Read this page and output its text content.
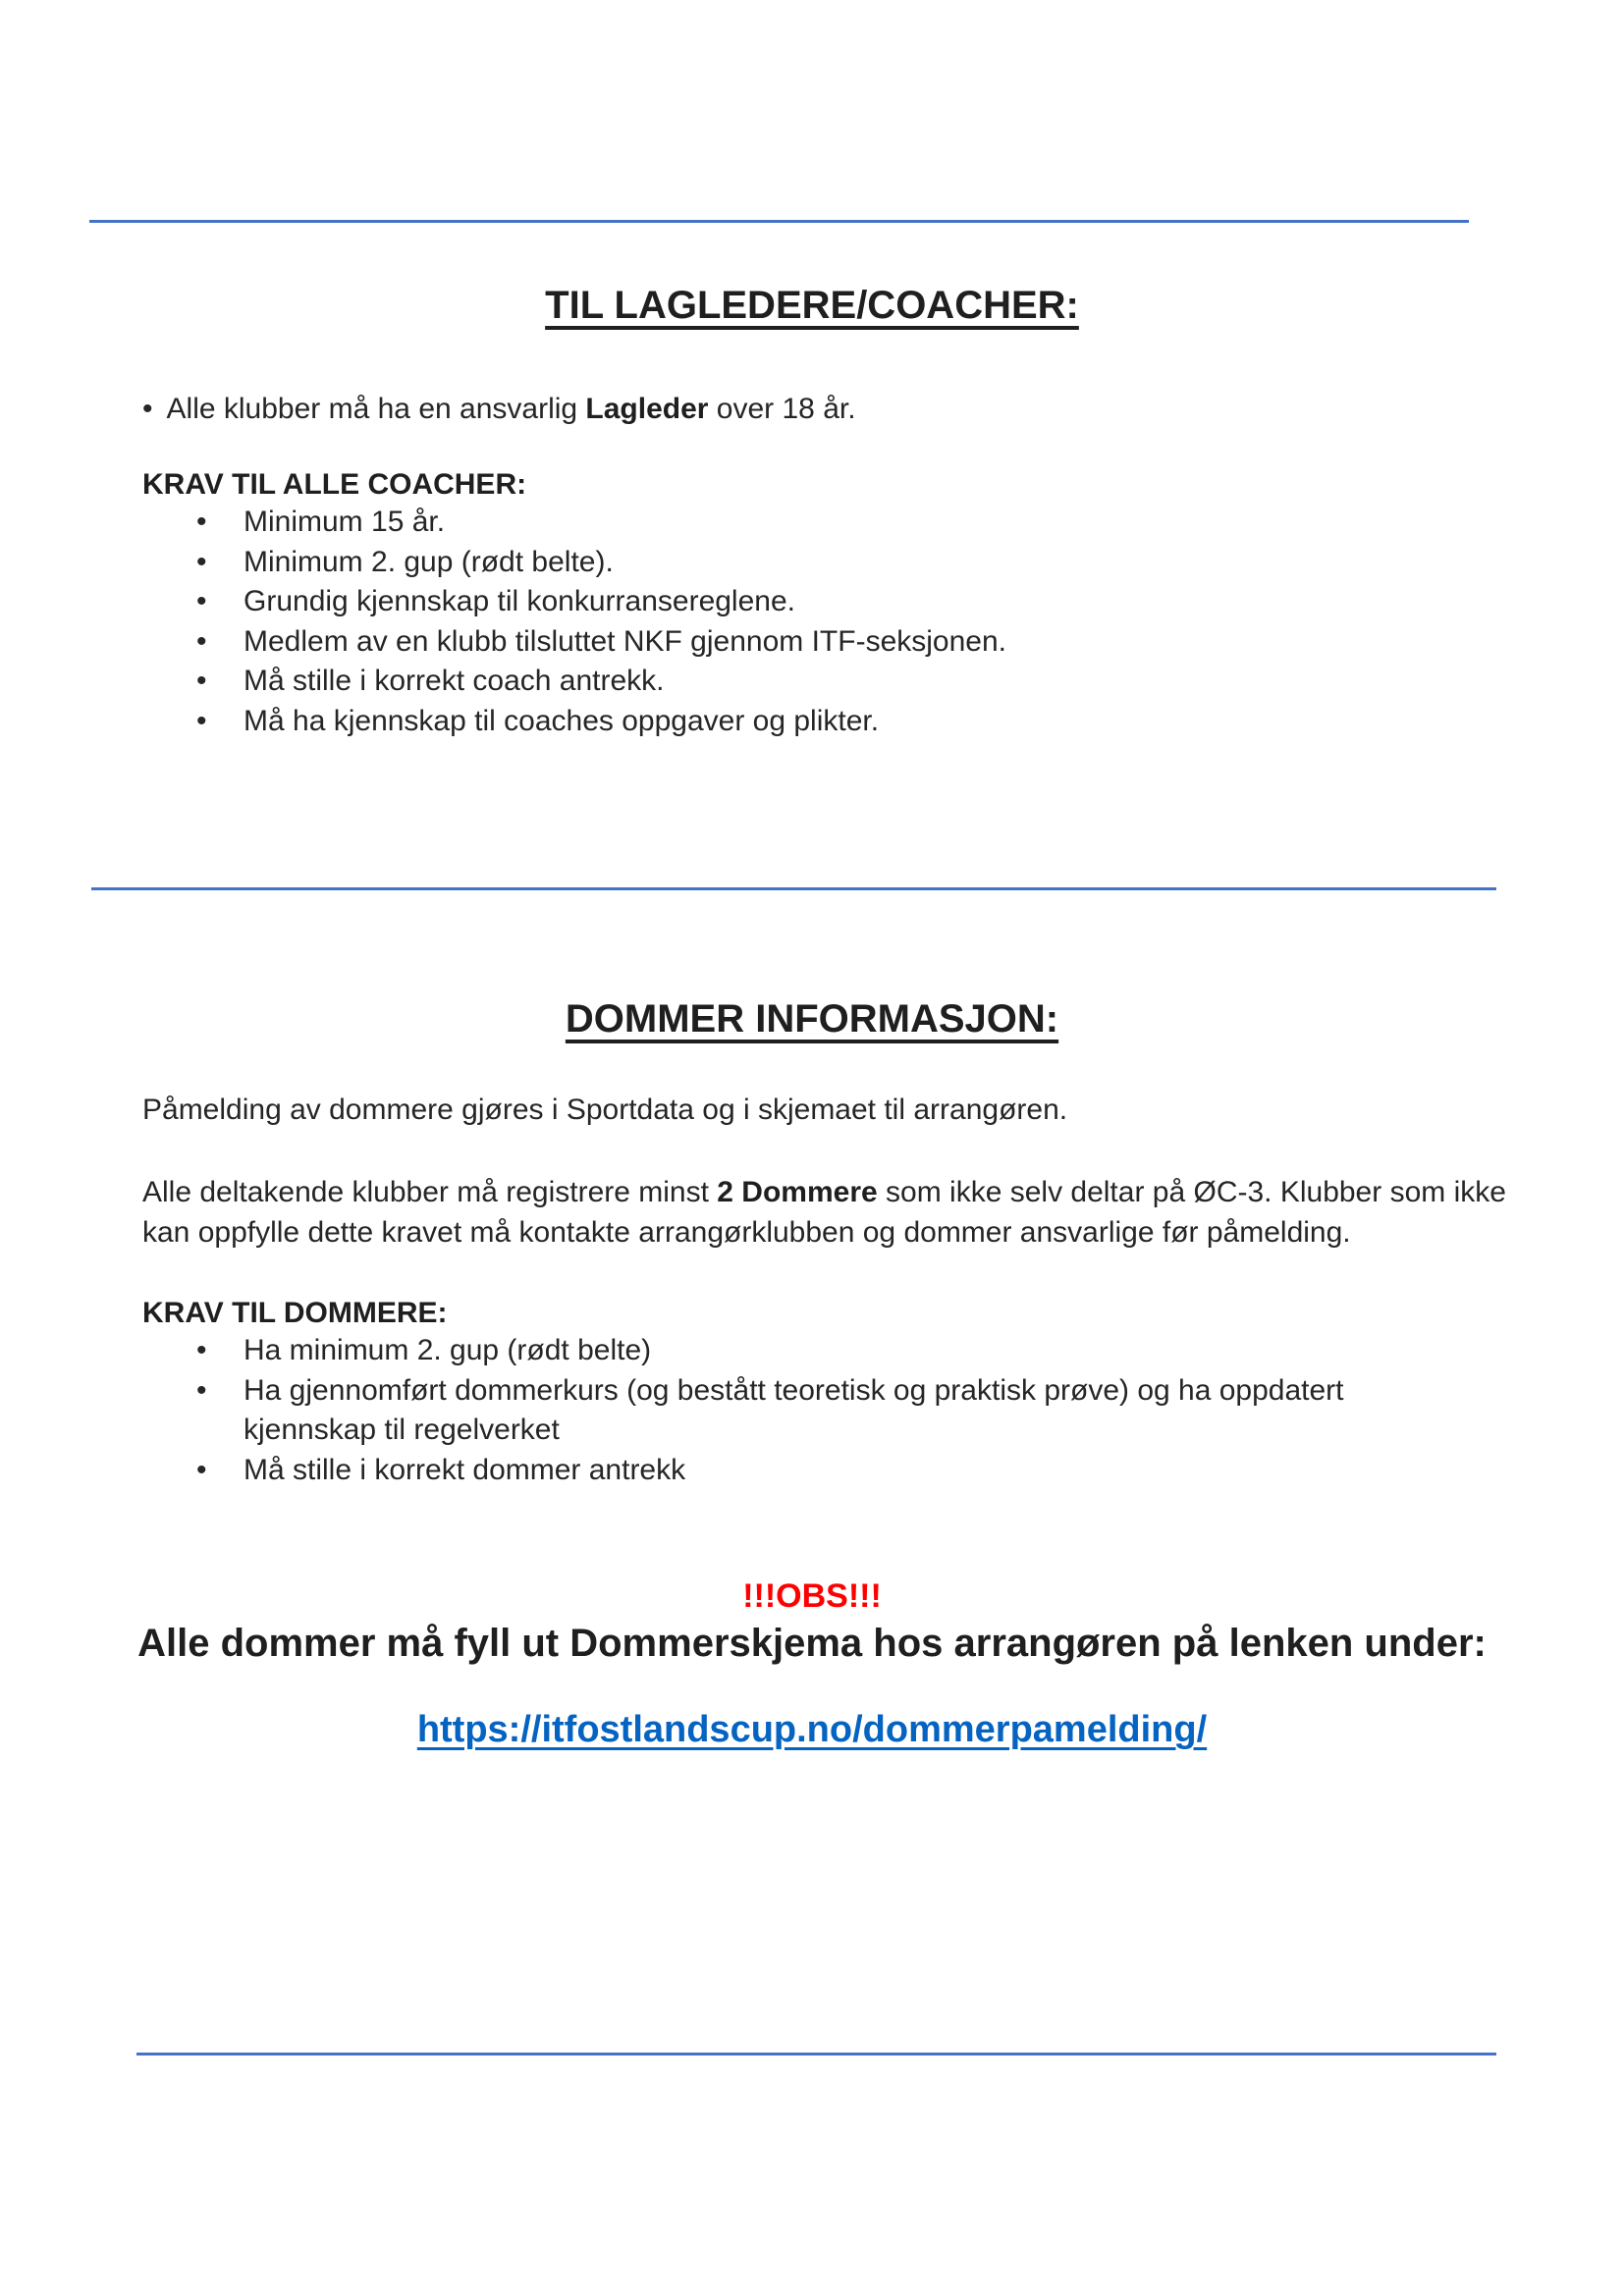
TIL LAGLEDERE/COACHER:

• Alle klubber må ha en ansvarlig Lagleder over 18 år.

KRAV TIL ALLE COACHER:
• Minimum 15 år.
• Minimum 2. gup (rødt belte).
• Grundig kjennskap til konkurransereglene.
• Medlem av en klubb tilsluttet NKF gjennom ITF-seksjonen.
• Må stille i korrekt coach antrekk.
• Må ha kjennskap til coaches oppgaver og plikter.
DOMMER INFORMASJON:

Påmelding av dommere gjøres i Sportdata og i skjemaet til arrangøren.

Alle deltakende klubber må registrere minst 2 Dommere som ikke selv deltar på ØC-3. Klubber som ikke kan oppfylle dette kravet må kontakte arrangørklubben og dommer ansvarlige før påmelding.

KRAV TIL DOMMERE:
• Ha minimum 2. gup (rødt belte)
• Ha gjennomført dommerkurs (og bestått teoretisk og praktisk prøve) og ha oppdatert kjennskap til regelverket
• Må stille i korrekt dommer antrekk

!!!OBS!!!

Alle dommer må fyll ut Dommerskjema hos arrangøren på lenken under:

https://itfostlandscup.no/dommerpamelding/
